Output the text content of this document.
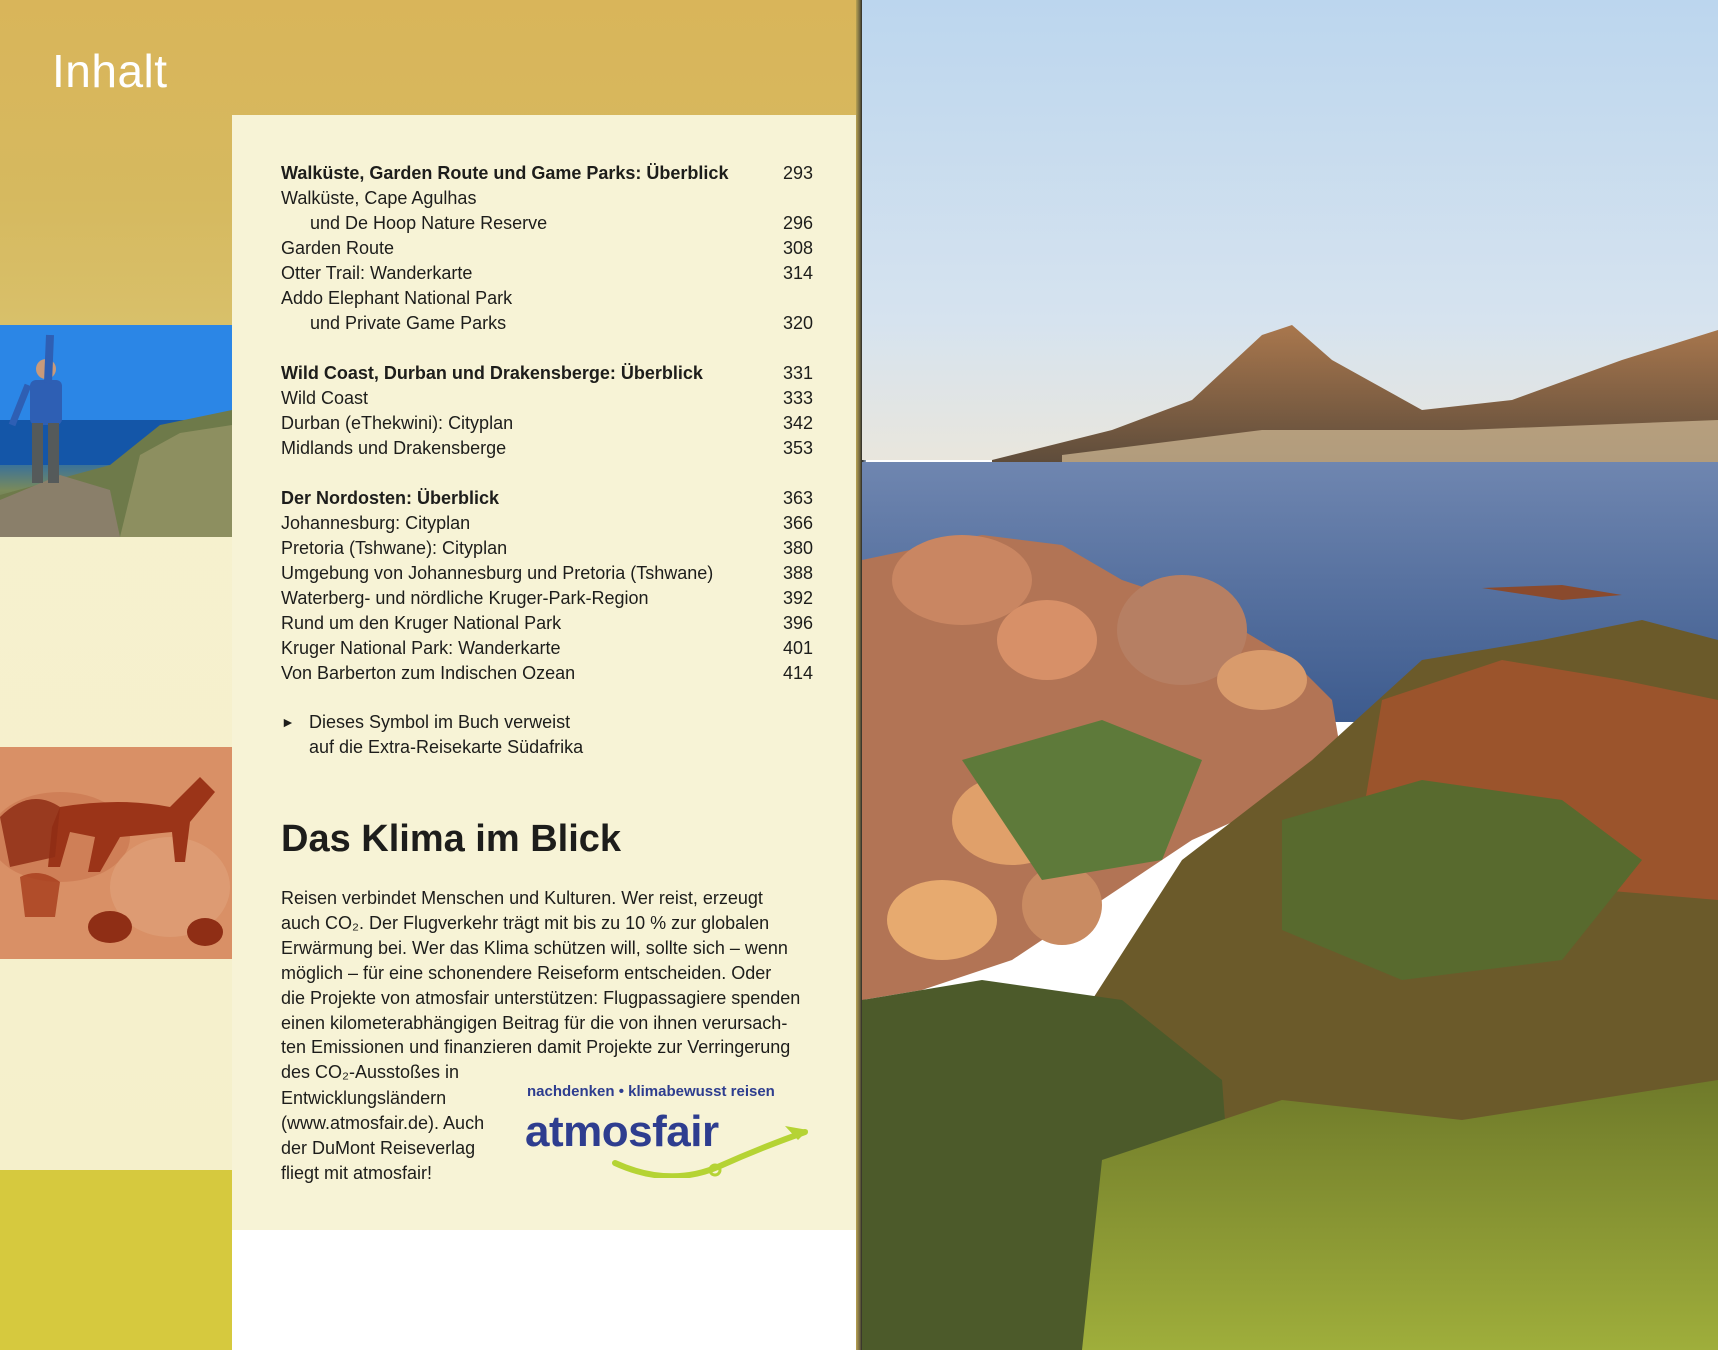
Inhalt
Walküste, Garden Route und Game Parks: Überblick	293
Walküste, Cape Agulhas
und De Hoop Nature Reserve	296
Garden Route	308
Otter Trail: Wanderkarte	314
Addo Elephant National Park
und Private Game Parks	320
Wild Coast, Durban und Drakensberge: Überblick	331
Wild Coast	333
Durban (eThekwini): Cityplan	342
Midlands und Drakensberge	353
Der Nordosten: Überblick	363
Johannesburg: Cityplan	366
Pretoria (Tshwane): Cityplan	380
Umgebung von Johannesburg und Pretoria (Tshwane)	388
Waterberg- und nördliche Kruger-Park-Region	392
Rund um den Kruger National Park	396
Kruger National Park: Wanderkarte	401
Von Barberton zum Indischen Ozean	414
► Dieses Symbol im Buch verweist
auf die Extra-Reisekarte Südafrika
Das Klima im Blick
Reisen verbindet Menschen und Kulturen. Wer reist, erzeugt
auch CO₂. Der Flugverkehr trägt mit bis zu 10 % zur globalen
Erwärmung bei. Wer das Klima schützen will, sollte sich – wenn
möglich – für eine schonendere Reiseform entscheiden. Oder
die Projekte von atmosfair unterstützen: Flugpassagiere spenden
einen kilometerabhängigen Beitrag für die von ihnen verursach-
ten Emissionen und finanzieren damit Projekte zur Verringerung
des CO₂-Ausstoßes in
Entwicklungsländern
(www.atmosfair.de). Auch
der DuMont Reiseverlag
fliegt mit atmosfair!
nachdenken • klimabewusst reisen
atmosfair
